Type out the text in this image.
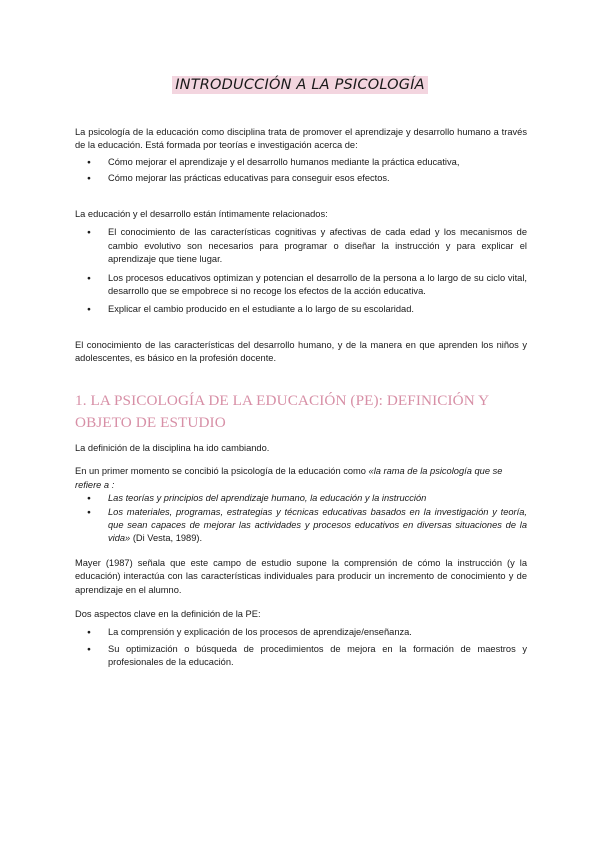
INTRODUCCIÓN A LA PSICOLOGÍA

La psicología de la educación como disciplina trata de promover el aprendizaje y desarrollo humano a través de la educación. Está formada por teorías e investigación acerca de:

● Cómo mejorar el aprendizaje y el desarrollo humanos mediante la práctica educativa,
● Cómo mejorar las prácticas educativas para conseguir esos efectos.

La educación y el desarrollo están íntimamente relacionados:

● El conocimiento de las características cognitivas y afectivas de cada edad y los mecanismos de cambio evolutivo son necesarios para programar o diseñar la instrucción y para explicar el aprendizaje que tiene lugar.
● Los procesos educativos optimizan y potencian el desarrollo de la persona a lo largo de su ciclo vital, desarrollo que se empobrece si no recoge los efectos de la acción educativa.
● Explicar el cambio producido en el estudiante a lo largo de su escolaridad.

El conocimiento de las características del desarrollo humano, y de la manera en que aprenden los niños y adolescentes, es básico en la profesión docente.

1. LA PSICOLOGÍA DE LA EDUCACIÓN (PE): DEFINICIÓN Y OBJETO DE ESTUDIO

La definición de la disciplina ha ido cambiando.

En un primer momento se concibió la psicología de la educación como «la rama de la psicología que se refiere a :

● Las teorías y principios del aprendizaje humano, la educación y la instrucción
● Los materiales, programas, estrategias y técnicas educativas basados en la investigación y teoría, que sean capaces de mejorar las actividades y procesos educativos en diversas situaciones de la vida» (Di Vesta, 1989).

Mayer (1987) señala que este campo de estudio supone la comprensión de cómo la instrucción (y la educación) interactúa con las características individuales para producir un incremento de conocimiento y de aprendizaje en el alumno.

Dos aspectos clave en la definición de la PE:

● La comprensión y explicación de los procesos de aprendizaje/enseñanza.
● Su optimización o búsqueda de procedimientos de mejora en la formación de maestros y profesionales de la educación.
